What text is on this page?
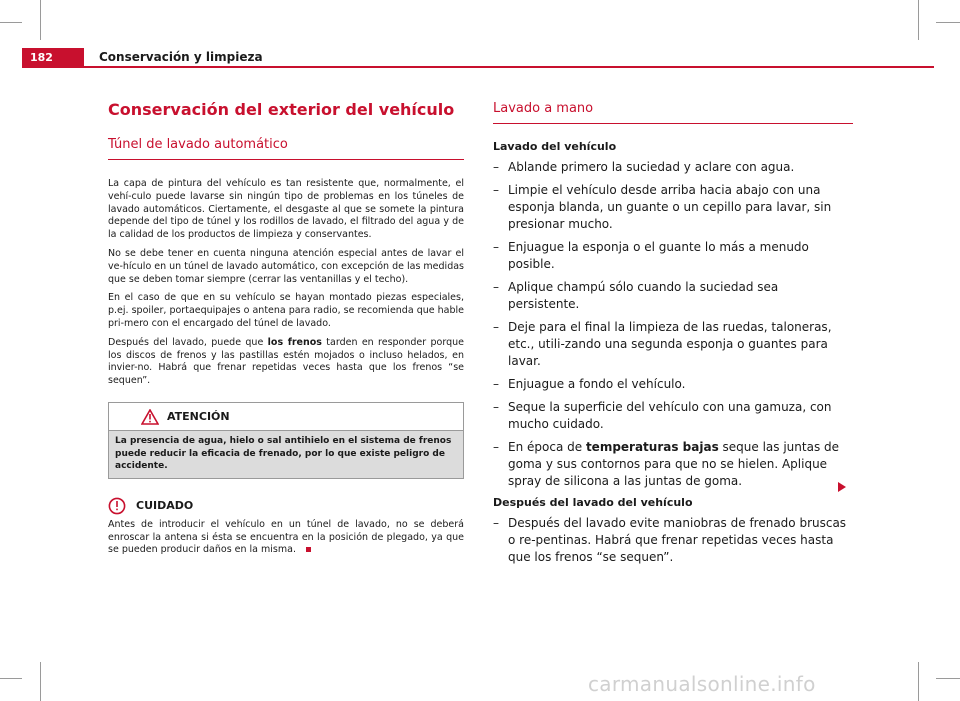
182	Conservación y limpieza
Conservación del exterior del vehículo
Túnel de lavado automático

La capa de pintura del vehículo es tan resistente que, normalmente, el vehí-culo puede lavarse sin ningún tipo de problemas en los túneles de lavado automáticos. Ciertamente, el desgaste al que se somete la pintura depende del tipo de túnel y los rodillos de lavado, el filtrado del agua y de la calidad de los productos de limpieza y conservantes.

No se debe tener en cuenta ninguna atención especial antes de lavar el ve-hículo en un túnel de lavado automático, con excepción de las medidas que se deben tomar siempre (cerrar las ventanillas y el techo).

En el caso de que en su vehículo se hayan montado piezas especiales, p.ej. spoiler, portaequipajes o antena para radio, se recomienda que hable pri-mero con el encargado del túnel de lavado.

Después del lavado, puede que los frenos tarden en responder porque los discos de frenos y las pastillas estén mojados o incluso helados, en invier-no. Habrá que frenar repetidas veces hasta que los frenos “se sequen”.

ATENCIÓN
La presencia de agua, hielo o sal antihielo en el sistema de frenos puede reducir la eficacia de frenado, por lo que existe peligro de accidente.
CUIDADO
Antes de introducir el vehículo en un túnel de lavado, no se deberá enroscar la antena si ésta se encuentra en la posición de plegado, ya que se pueden producir daños en la misma.
Lavado a mano
Lavado del vehículo
– Ablande primero la suciedad y aclare con agua.
– Limpie el vehículo desde arriba hacia abajo con una esponja blanda, un guante o un cepillo para lavar, sin presionar mucho.
– Enjuague la esponja o el guante lo más a menudo posible.
– Aplique champú sólo cuando la suciedad sea persistente.
– Deje para el final la limpieza de las ruedas, taloneras, etc., utili-zando una segunda esponja o guantes para lavar.
– Enjuague a fondo el vehículo.
– Seque la superficie del vehículo con una gamuza, con mucho cuidado.
– En época de temperaturas bajas seque las juntas de goma y sus contornos para que no se hielen. Aplique spray de silicona a las juntas de goma.
Después del lavado del vehículo
– Después del lavado evite maniobras de frenado bruscas o re-pentinas. Habrá que frenar repetidas veces hasta que los frenos “se sequen”.
carmanualsonline.info
